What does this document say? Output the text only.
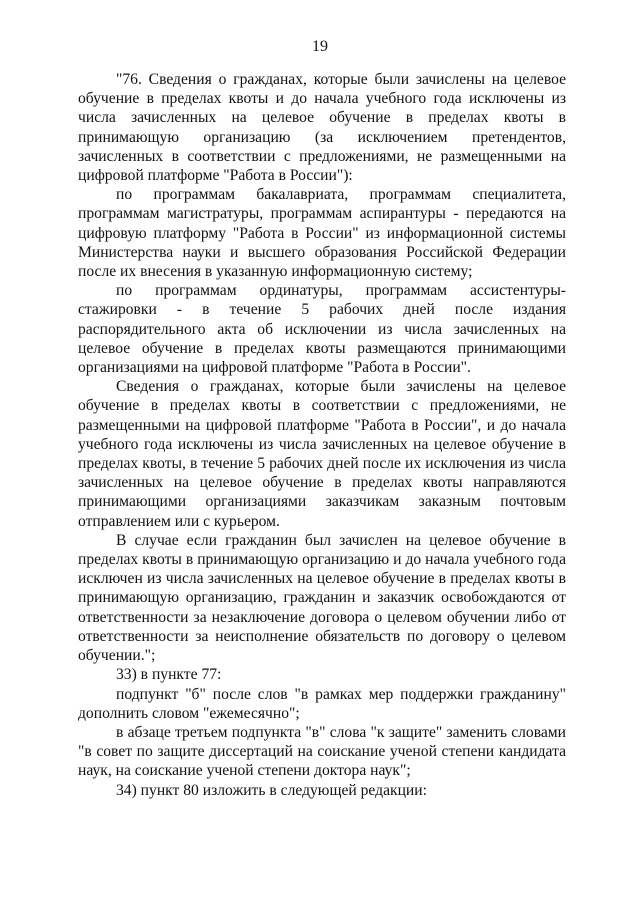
19

"76. Сведения о гражданах, которые были зачислены на целевое обучение в пределах квоты и до начала учебного года исключены из числа зачисленных на целевое обучение в пределах квоты в принимающую организацию (за исключением претендентов, зачисленных в соответствии с предложениями, не размещенными на цифровой платформе "Работа в России"):

по программам бакалавриата, программам специалитета, программам магистратуры, программам аспирантуры - передаются на цифровую платформу "Работа в России" из информационной системы Министерства науки и высшего образования Российской Федерации после их внесения в указанную информационную систему;

по программам ординатуры, программам ассистентуры-стажировки - в течение 5 рабочих дней после издания распорядительного акта об исключении из числа зачисленных на целевое обучение в пределах квоты размещаются принимающими организациями на цифровой платформе "Работа в России".

Сведения о гражданах, которые были зачислены на целевое обучение в пределах квоты в соответствии с предложениями, не размещенными на цифровой платформе "Работа в России", и до начала учебного года исключены из числа зачисленных на целевое обучение в пределах квоты, в течение 5 рабочих дней после их исключения из числа зачисленных на целевое обучение в пределах квоты направляются принимающими организациями заказчикам заказным почтовым отправлением или с курьером.

В случае если гражданин был зачислен на целевое обучение в пределах квоты в принимающую организацию и до начала учебного года исключен из числа зачисленных на целевое обучение в пределах квоты в принимающую организацию, гражданин и заказчик освобождаются от ответственности за незаключение договора о целевом обучении либо от ответственности за неисполнение обязательств по договору о целевом обучении.";

33) в пункте 77:

подпункт "б" после слов "в рамках мер поддержки гражданину" дополнить словом "ежемесячно";

в абзаце третьем подпункта "в" слова "к защите" заменить словами "в совет по защите диссертаций на соискание ученой степени кандидата наук, на соискание ученой степени доктора наук";

34) пункт 80 изложить в следующей редакции:
